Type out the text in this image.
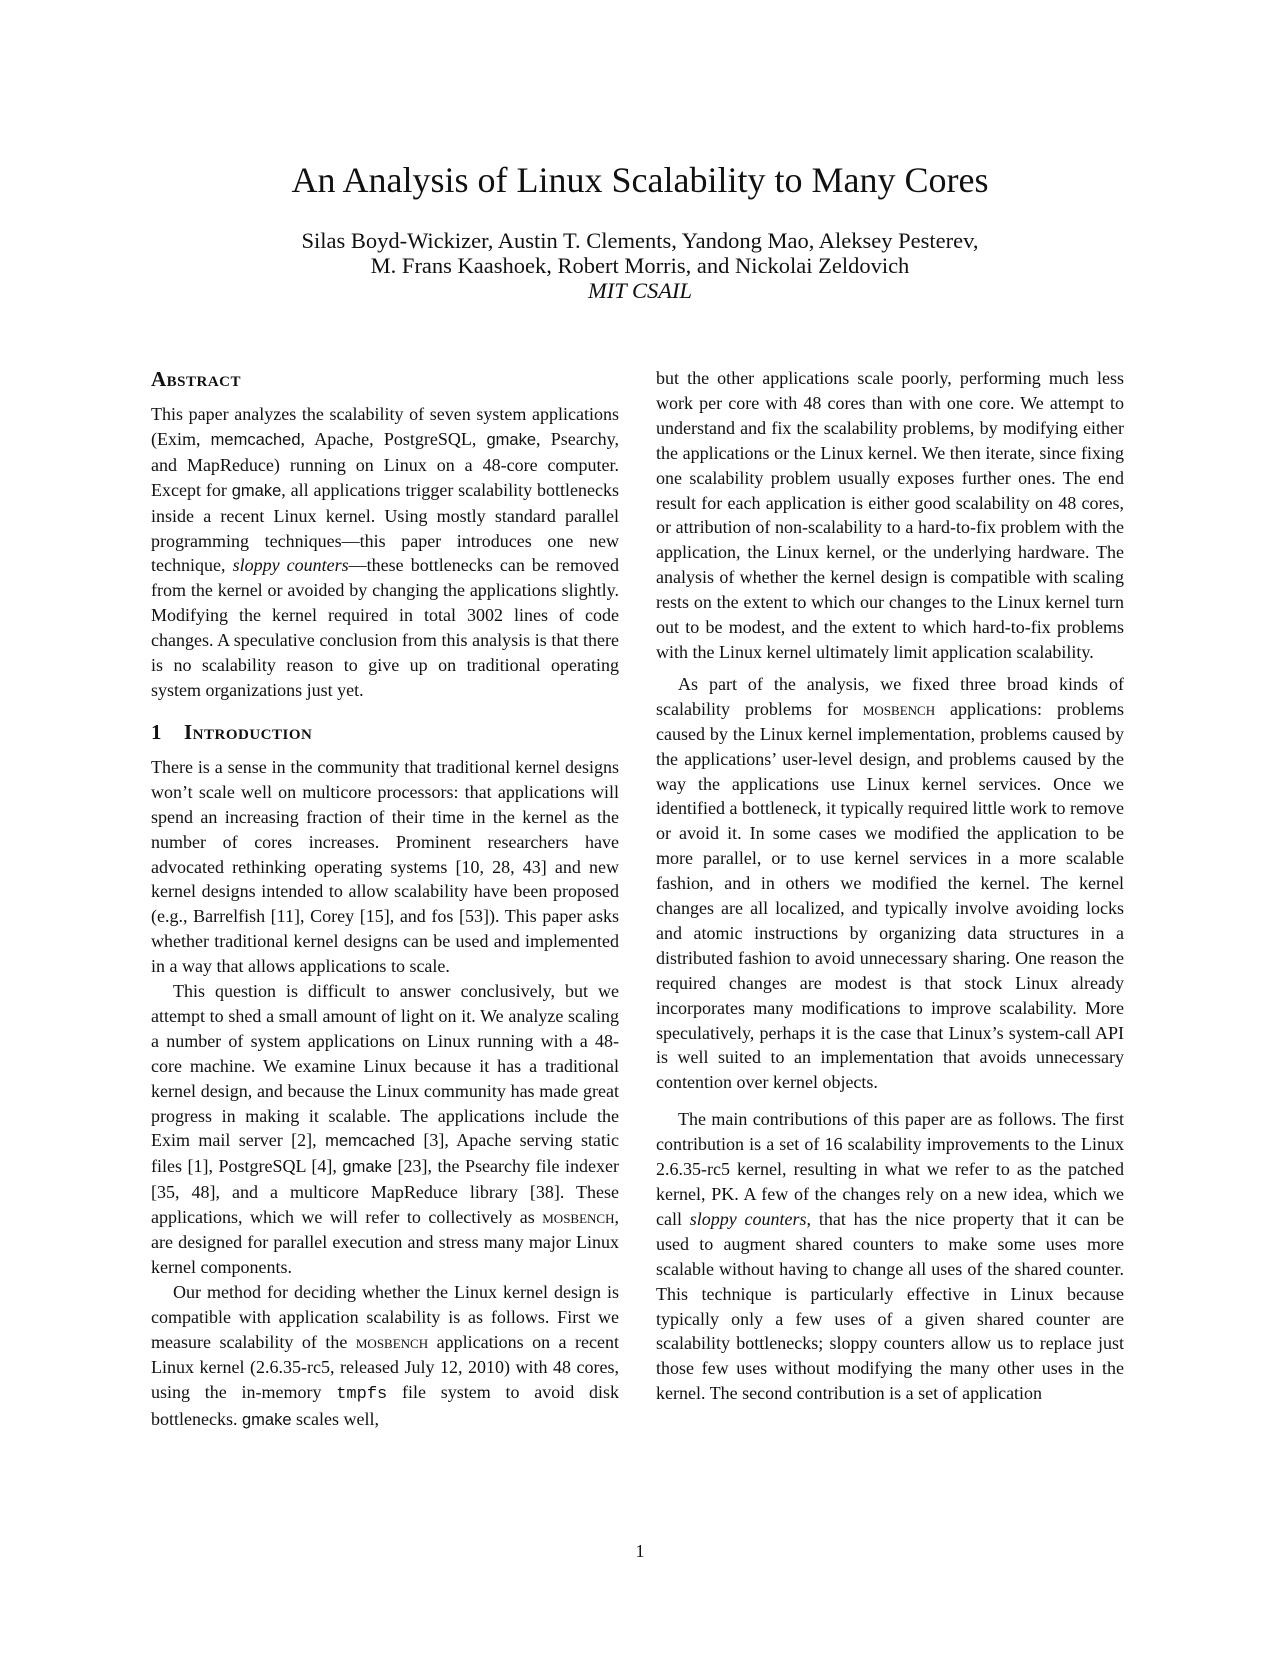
An Analysis of Linux Scalability to Many Cores
Silas Boyd-Wickizer, Austin T. Clements, Yandong Mao, Aleksey Pesterev,
M. Frans Kaashoek, Robert Morris, and Nickolai Zeldovich
MIT CSAIL
Abstract

This paper analyzes the scalability of seven system applications (Exim, memcached, Apache, PostgreSQL, gmake, Psearchy, and MapReduce) running on Linux on a 48-core computer. Except for gmake, all applications trigger scalability bottlenecks inside a recent Linux kernel. Using mostly standard parallel programming techniques—this paper introduces one new technique, sloppy counters—these bottlenecks can be removed from the kernel or avoided by changing the applications slightly. Modifying the kernel required in total 3002 lines of code changes. A speculative conclusion from this analysis is that there is no scalability reason to give up on traditional operating system organizations just yet.

1 Introduction

There is a sense in the community that traditional kernel designs won’t scale well on multicore processors: that applications will spend an increasing fraction of their time in the kernel as the number of cores increases. Prominent researchers have advocated rethinking operating systems [10, 28, 43] and new kernel designs intended to allow scalability have been proposed (e.g., Barrelfish [11], Corey [15], and fos [53]). This paper asks whether traditional kernel designs can be used and implemented in a way that allows applications to scale.

This question is difficult to answer conclusively, but we attempt to shed a small amount of light on it. We analyze scaling a number of system applications on Linux running with a 48-core machine. We examine Linux because it has a traditional kernel design, and because the Linux community has made great progress in making it scalable. The applications include the Exim mail server [2], memcached [3], Apache serving static files [1], PostgreSQL [4], gmake [23], the Psearchy file indexer [35, 48], and a multicore MapReduce library [38]. These applications, which we will refer to collectively as mosbench, are designed for parallel execution and stress many major Linux kernel components.

Our method for deciding whether the Linux kernel design is compatible with application scalability is as follows. First we measure scalability of the mosbench applications on a recent Linux kernel (2.6.35-rc5, released July 12, 2010) with 48 cores, using the in-memory tmpfs file system to avoid disk bottlenecks. gmake scales well,

but the other applications scale poorly, performing much less work per core with 48 cores than with one core. We attempt to understand and fix the scalability problems, by modifying either the applications or the Linux kernel. We then iterate, since fixing one scalability problem usually exposes further ones. The end result for each application is either good scalability on 48 cores, or attribution of non-scalability to a hard-to-fix problem with the application, the Linux kernel, or the underlying hardware. The analysis of whether the kernel design is compatible with scaling rests on the extent to which our changes to the Linux kernel turn out to be modest, and the extent to which hard-to-fix problems with the Linux kernel ultimately limit application scalability.

As part of the analysis, we fixed three broad kinds of scalability problems for mosbench applications: problems caused by the Linux kernel implementation, problems caused by the applications’ user-level design, and problems caused by the way the applications use Linux kernel services. Once we identified a bottleneck, it typically required little work to remove or avoid it. In some cases we modified the application to be more parallel, or to use kernel services in a more scalable fashion, and in others we modified the kernel. The kernel changes are all localized, and typically involve avoiding locks and atomic instructions by organizing data structures in a distributed fashion to avoid unnecessary sharing. One reason the required changes are modest is that stock Linux already incorporates many modifications to improve scalability. More speculatively, perhaps it is the case that Linux’s system-call API is well suited to an implementation that avoids unnecessary contention over kernel objects.

The main contributions of this paper are as follows. The first contribution is a set of 16 scalability improvements to the Linux 2.6.35-rc5 kernel, resulting in what we refer to as the patched kernel, PK. A few of the changes rely on a new idea, which we call sloppy counters, that has the nice property that it can be used to augment shared counters to make some uses more scalable without having to change all uses of the shared counter. This technique is particularly effective in Linux because typically only a few uses of a given shared counter are scalability bottlenecks; sloppy counters allow us to replace just those few uses without modifying the many other uses in the kernel. The second contribution is a set of application

1
